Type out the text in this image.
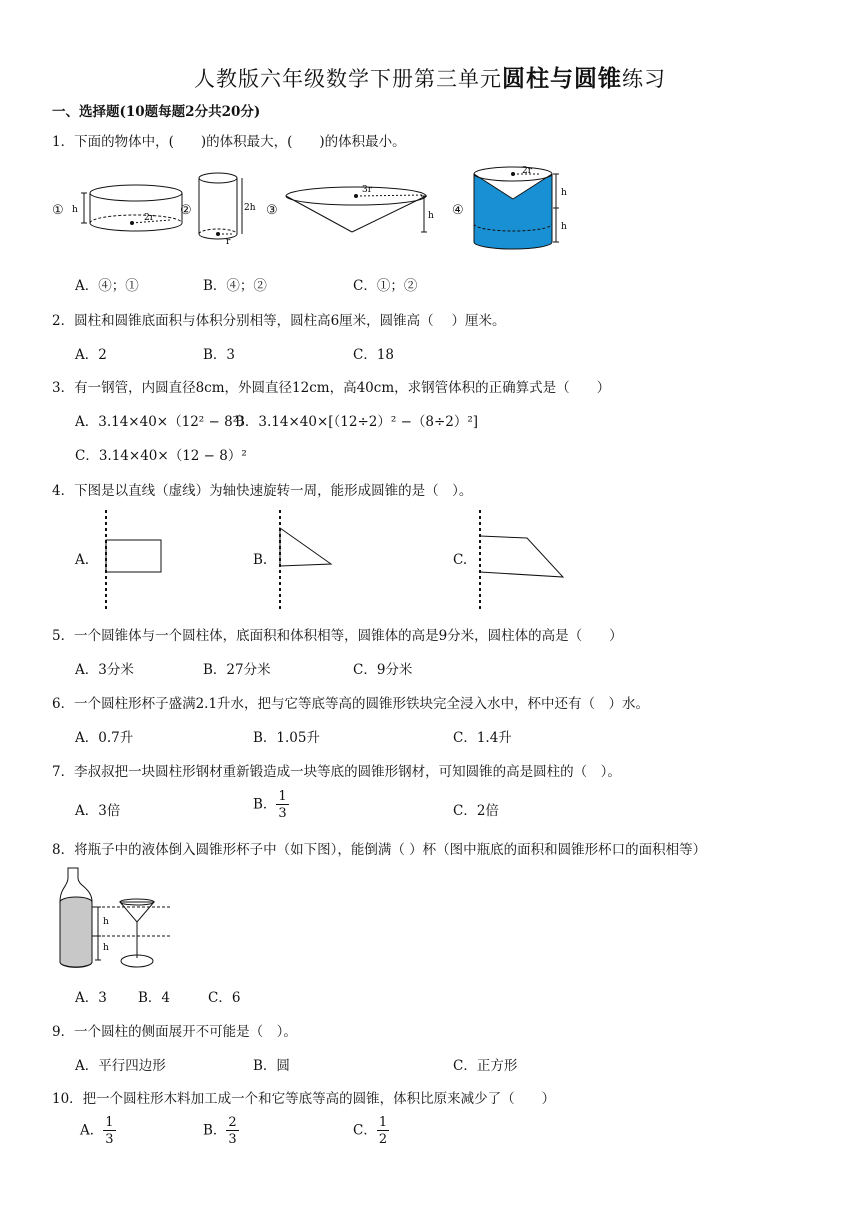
人教版六年级数学下册第三单元圆柱与圆锥练习
一、选择题(10题每题2分共20分)
1．下面的物体中，(　　)的体积最大，(　　)的体积最小。
①	②	③	④
h
2r
2h
r
3r
h
2r
h
h
A．④；①	B．④；②	C．①；②
2．圆柱和圆锥底面积与体积分别相等，圆柱高6厘米，圆锥高（　 ）厘米。
A．2	B．3	C．18
3．有一钢管，内圆直径8cm，外圆直径12cm，高40cm，求钢管体积的正确算式是（　　）
A．3.14×40×（12² − 8²）
B．3.14×40×[（12÷2）² −（8÷2）²]
C．3.14×40×（12 − 8）²
4．下图是以直线（虚线）为轴快速旋转一周，能形成圆锥的是（　）。
A.	B.	C.
5．一个圆锥体与一个圆柱体，底面积和体积相等，圆锥体的高是9分米，圆柱体的高是（　　）
A．3分米	B．27分米	C．9分米
6．一个圆柱形杯子盛满2.1升水，把与它等底等高的圆锥形铁块完全浸入水中，杯中还有（　）水。
A．0.7升	B．1.05升	C．1.4升
7．李叔叔把一块圆柱形钢材重新锻造成一块等底的圆锥形钢材，可知圆锥的高是圆柱的（　）。
A．3倍	B． $\frac{1}{3}$	C．2倍
8．将瓶子中的液体倒入圆锥形杯子中（如下图），能倒满（ ）杯（图中瓶底的面积和圆锥形杯口的面积相等）
h
h
A．3 B．4	C．6
9．一个圆柱的侧面展开不可能是（　）。
A．平行四边形	B．圆	C．正方形
10．把一个圆柱形木料加工成一个和它等底等高的圆锥，体积比原来减少了（　　）
A． $\frac{1}{3}$	B． $\frac{2}{3}$	C． $\frac{1}{2}$
